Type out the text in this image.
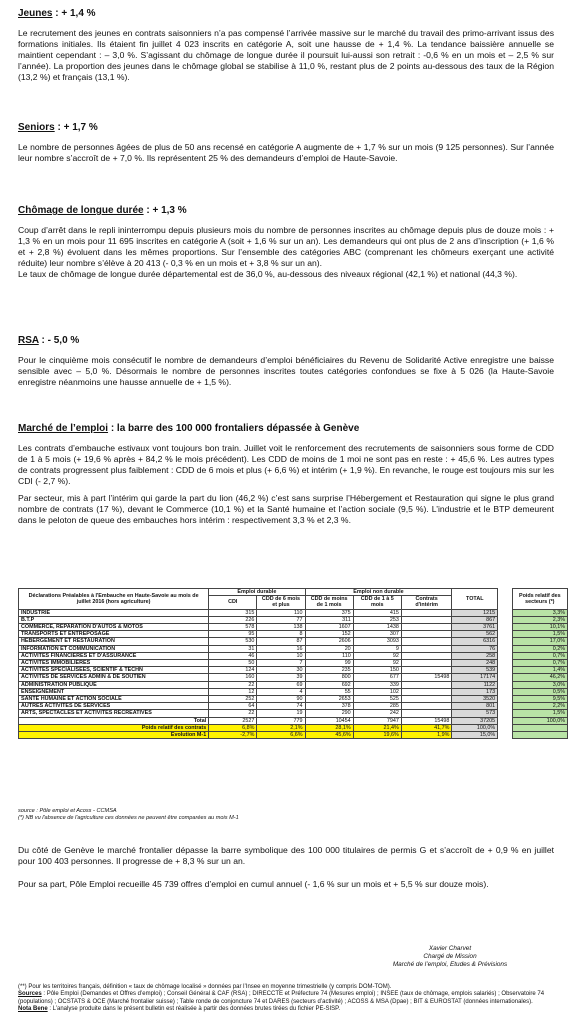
Jeunes : + 1,4 %

Le recrutement des jeunes en contrats saisonniers n’a pas compensé l’arrivée massive sur le marché du travail des primo-arrivant issus des formations initiales. Ils étaient fin juillet 4 023 inscrits en catégorie A, soit une hausse de + 1,4 %. La tendance baissière annuelle se maintient cependant : – 3,0 %. S’agissant du chômage de longue durée il poursuit lui-aussi son retrait : -0,6 % en un mois et – 2,5 % sur l’année). La proportion des jeunes dans le chômage global se stabilise à 11,0 %, restant plus de 2 points au-dessous des taux de la Région (13,2 %) et français (13,1 %).

Seniors : + 1,7 %

Le nombre de personnes âgées de plus de 50 ans recensé en catégorie A augmente de + 1,7 % sur un mois (9 125 personnes). Sur l’année leur nombre s’accroît de + 7,0 %. Ils représentent 25 % des demandeurs d’emploi de Haute-Savoie.

Chômage de longue durée : + 1,3 %

Coup d’arrêt dans le repli ininterrompu depuis plusieurs mois du nombre de personnes inscrites au chômage depuis plus de douze mois : + 1,3 % en un mois pour 11 695 inscrites en catégorie A (soit + 1,6 % sur un an). Les demandeurs qui ont plus de 2 ans d’inscription (+ 1,6 % et + 2,8 %) évoluent dans les mêmes proportions. Sur l’ensemble des catégories ABC (comprenant les chômeurs exerçant une activité réduite) leur nombre s’élève à 20 413 (- 0,3 % en un mois et + 3,8 % sur un an).

Le taux de chômage de longue durée départemental est de 36,0 %, au-dessous des niveaux régional (42,1 %) et national (44,3 %).

RSA : - 5,0 %

Pour le cinquième mois consécutif le nombre de demandeurs d’emploi bénéficiaires du Revenu de Solidarité Active enregistre une baisse sensible avec – 5,0 %. Désormais le nombre de personnes inscrites toutes catégories confondues se fixe à 5 026 (la Haute-Savoie enregistre néanmoins une hausse annuelle de + 1,5 %).

Marché de l’emploi : la barre des 100 000 frontaliers dépassée à Genève

Les contrats d’embauche estivaux vont toujours bon train. Juillet voit le renforcement des recrutements de saisonniers sous forme de CDD de 1 à 5 mois (+ 19,6 % après + 84,2 % le mois précédent). Les CDD de moins de 1 moi ne sont pas en reste : + 45,6 %. Les autres types de contrats progressent plus faiblement : CDD de 6 mois et plus (+ 6,6 %) et intérim (+ 1,9 %). En revanche, le rouge est toujours mis sur les CDI (- 2,7 %).

Par secteur, mis à part l’intérim qui garde la part du lion (46,2 %) c’est sans surprise l’Hébergement et Restauration qui signe le plus grand nombre de contrats (17 %), devant le Commerce (10,1 %) et la Santé humaine et l’action sociale (9,5 %). L’industrie et le BTP demeurent dans le peloton de queue des embauches hors intérim : respectivement 3,3 % et 2,3 %.

Déclarations Préalables à l'Embauche en Haute-Savoie au mois de juillet 2016 (hors agriculture)	Emploi durable		Emploi non durable			TOTAL		Poids relatif des secteurs (*)
	CDI	CDD de 6 mois et plus	CDD de moins de 1 mois	CDD de 1 à 5 mois	Contrats d'intérim			
INDUSTRIE	315	110	375	415		1215		3,3%
B.T.P	226	77	311	253		867		2,3%
COMMERCE, REPARATION D'AUTOS & MOTOS	578	138	1607	1438		3761		10,1%
TRANSPORTS ET ENTREPOSAGE	95	8	152	307		562		1,5%
HEBERGEMENT ET RESTAURATION	530	87	2606	3093		6316		17,0%
INFORMATION ET COMMUNICATION	31	16	20	9		76		0,2%
ACTIVITES FINANCIERES ET D'ASSURANCE	46	10	110	92		258		0,7%
ACTIVITES IMMOBILIERES	50	7	99	92		248		0,7%
ACTIVITES SPECIALISEES, SCIENTIF & TECHN	124	30	235	150		539		1,4%
ACTIVITES DE SERVICES ADMIN & DE SOUTIEN	160	39	800	677	15498	17174		46,2%
ADMINISTRATION PUBLIQUE	22	69	692	339		1122		3,0%
ENSEIGNEMENT	12	4	55	102		173		0,5%
SANTE HUMAINE ET ACTION SOCIALE	252	90	2653	525		3520		9,5%
AUTRES ACTIVITES DE SERVICES	64	74	378	285		801		2,2%
ARTS, SPECTACLES ET ACTIVITES RECREATIVES	22	19	290	242		573		1,5%
Total	2527	779	10454	7947	15498	37205		100,0%
Poids relatif des contrats	6,8%	2,1%	28,1%	21,4%	41,7%	100,0%		
Evolution M-1	-2,7%	6,6%	45,6%	19,6%	1,9%	15,0%		
source : Pôle emploi et Acoss - CCMSA
(*) NB vu l'absence de l'agriculture ces données ne peuvent être comparées au mois M-1

Du côté de Genève le marché frontalier dépasse la barre symbolique des 100 000 titulaires de permis G et s’accroît de + 0,9 % en juillet pour 100 403 personnes. Il progresse de + 8,3 % sur un an.

Pour sa part, Pôle Emploi recueille 45 739 offres d’emploi en cumul annuel (- 1,6 % sur un mois et + 5,5 % sur douze mois).

Xavier Charvet
Chargé de Mission
Marché de l’emploi, Etudes & Prévisions
(**) Pour les territoires français, définition « taux de chômage localisé » données par l’Insee en moyenne trimestrielle (y compris DOM-TOM).
Sources : Pôle Emploi (Demandes et Offres d’emploi) ; Conseil Général & CAF (RSA) ; DIRECCTE et Préfecture 74 (Mesures emploi) ; INSEE (taux de chômage, emplois salariés) ; Observatoire 74 (populations) ; OCSTATS & OCE (Marché frontalier suisse) ; Table ronde de conjoncture 74 et DARES (secteurs d’activité) ; ACOSS & MSA (Dpae) ; BIT & EUROSTAT (données internationales).
Nota Bene : L’analyse produite dans le présent bulletin est réalisée à partir des données brutes tirées du fichier PE-SISP.
